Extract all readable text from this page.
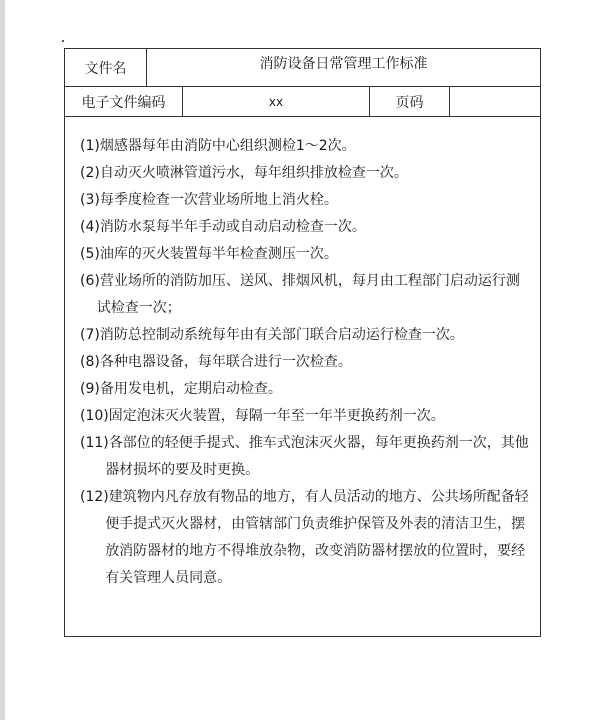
文件名	消防设备日常管理工作标准
电子文件编码	xx	页码
(1)烟感器每年由消防中心组织测检1～2次。
(2)自动灭火喷淋管道污水，每年组织排放检查一次。
(3)每季度检查一次营业场所地上消火栓。
(4)消防水泵每半年手动或自动启动检查一次。
(5)油库的灭火装置每半年检查测压一次。
(6)营业场所的消防加压、送风、排烟风机，每月由工程部门启动运行测试检查一次；
(7)消防总控制动系统每年由有关部门联合启动运行检查一次。
(8)各种电器设备，每年联合进行一次检查。
(9)备用发电机，定期启动检查。
(10)固定泡沫灭火装置，每隔一年至一年半更换药剂一次。
(11)各部位的轻便手提式、推车式泡沫灭火器，每年更换药剂一次，其他器材损坏的要及时更换。
(12)建筑物内凡存放有物品的地方，有人员活动的地方、公共场所配备轻便手提式灭火器材，由管辖部门负责维护保管及外表的清洁卫生，摆放消防器材的地方不得堆放杂物，改变消防器材摆放的位置时，要经有关管理人员同意。
